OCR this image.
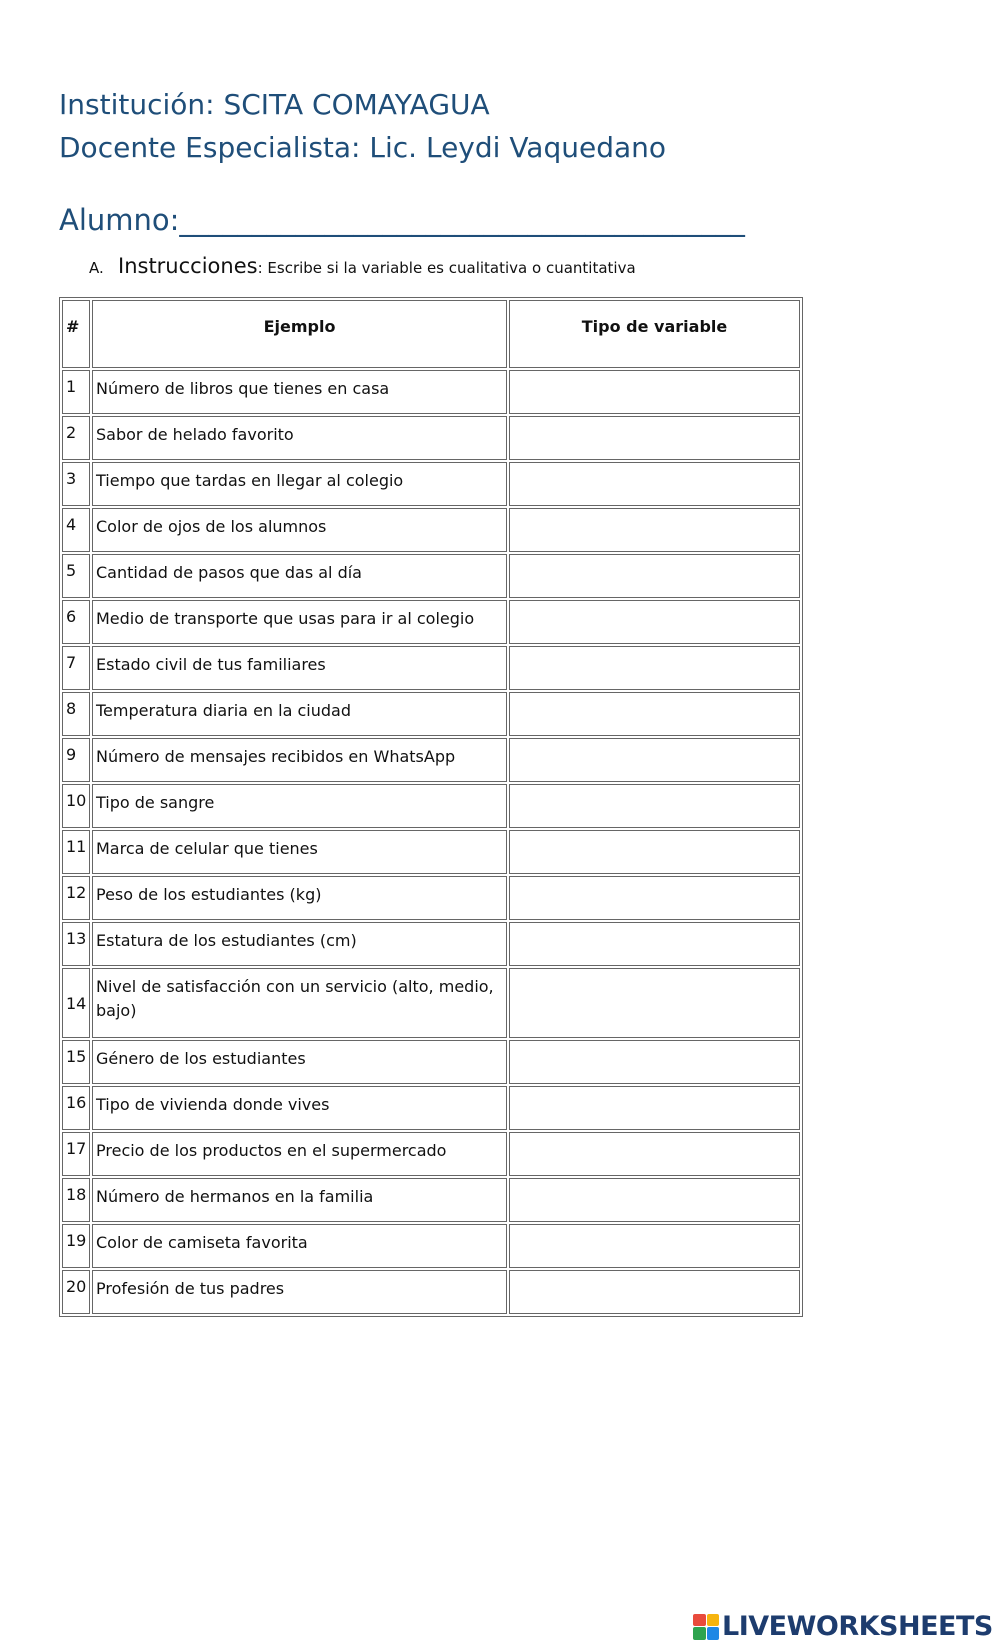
Institución: SCITA COMAYAGUA
Docente Especialista: Lic. Leydi Vaquedano
Alumno:_______________________________________
A. Instrucciones: Escribe si la variable es cualitativa o cuantitativa
#	Ejemplo	Tipo de variable
1	Número de libros que tienes en casa	
2	Sabor de helado favorito	
3	Tiempo que tardas en llegar al colegio	
4	Color de ojos de los alumnos	
5	Cantidad de pasos que das al día	
6	Medio de transporte que usas para ir al colegio	
7	Estado civil de tus familiares	
8	Temperatura diaria en la ciudad	
9	Número de mensajes recibidos en WhatsApp	
10	Tipo de sangre	
11	Marca de celular que tienes	
12	Peso de los estudiantes (kg)	
13	Estatura de los estudiantes (cm)	
14	Nivel de satisfacción con un servicio (alto, medio, bajo)	
15	Género de los estudiantes	
16	Tipo de vivienda donde vives	
17	Precio de los productos en el supermercado	
18	Número de hermanos en la familia	
19	Color de camiseta favorita	
20	Profesión de tus padres	
LIVEWORKSHEETS
